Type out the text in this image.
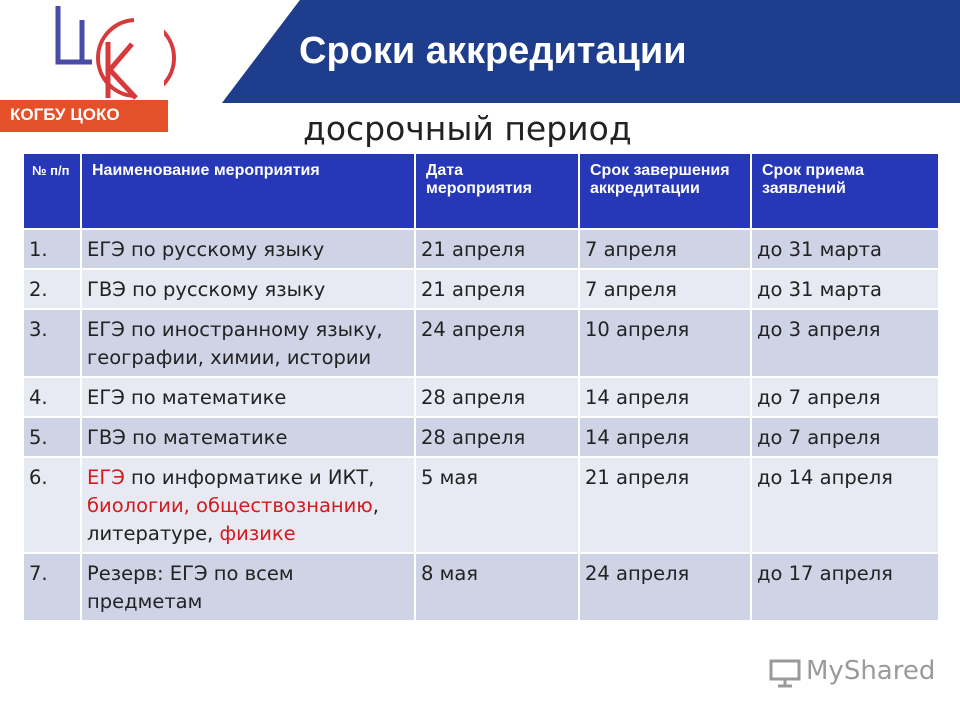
Сроки аккредитации
КОГБУ ЦОКО	досрочный период
№ п/п	Наименование мероприятия	Дата мероприятия	Срок завершения аккредитации	Срок приема заявлений
1.	ЕГЭ по русскому языку	21 апреля	7 апреля	до 31 марта
2.	ГВЭ по русскому языку	21 апреля	7 апреля	до 31 марта
3.	ЕГЭ по иностранному языку, географии, химии, истории	24 апреля	10 апреля	до 3 апреля
4.	ЕГЭ по математике	28 апреля	14 апреля	до 7 апреля
5.	ГВЭ по математике	28 апреля	14 апреля	до 7 апреля
6.	ЕГЭ по информатике и ИКТ, биологии, обществознанию, литературе, физике	5 мая	21 апреля	до 14 апреля
7.	Резерв: ЕГЭ по всем предметам	8 мая	24 апреля	до 17 апреля
MyShared
